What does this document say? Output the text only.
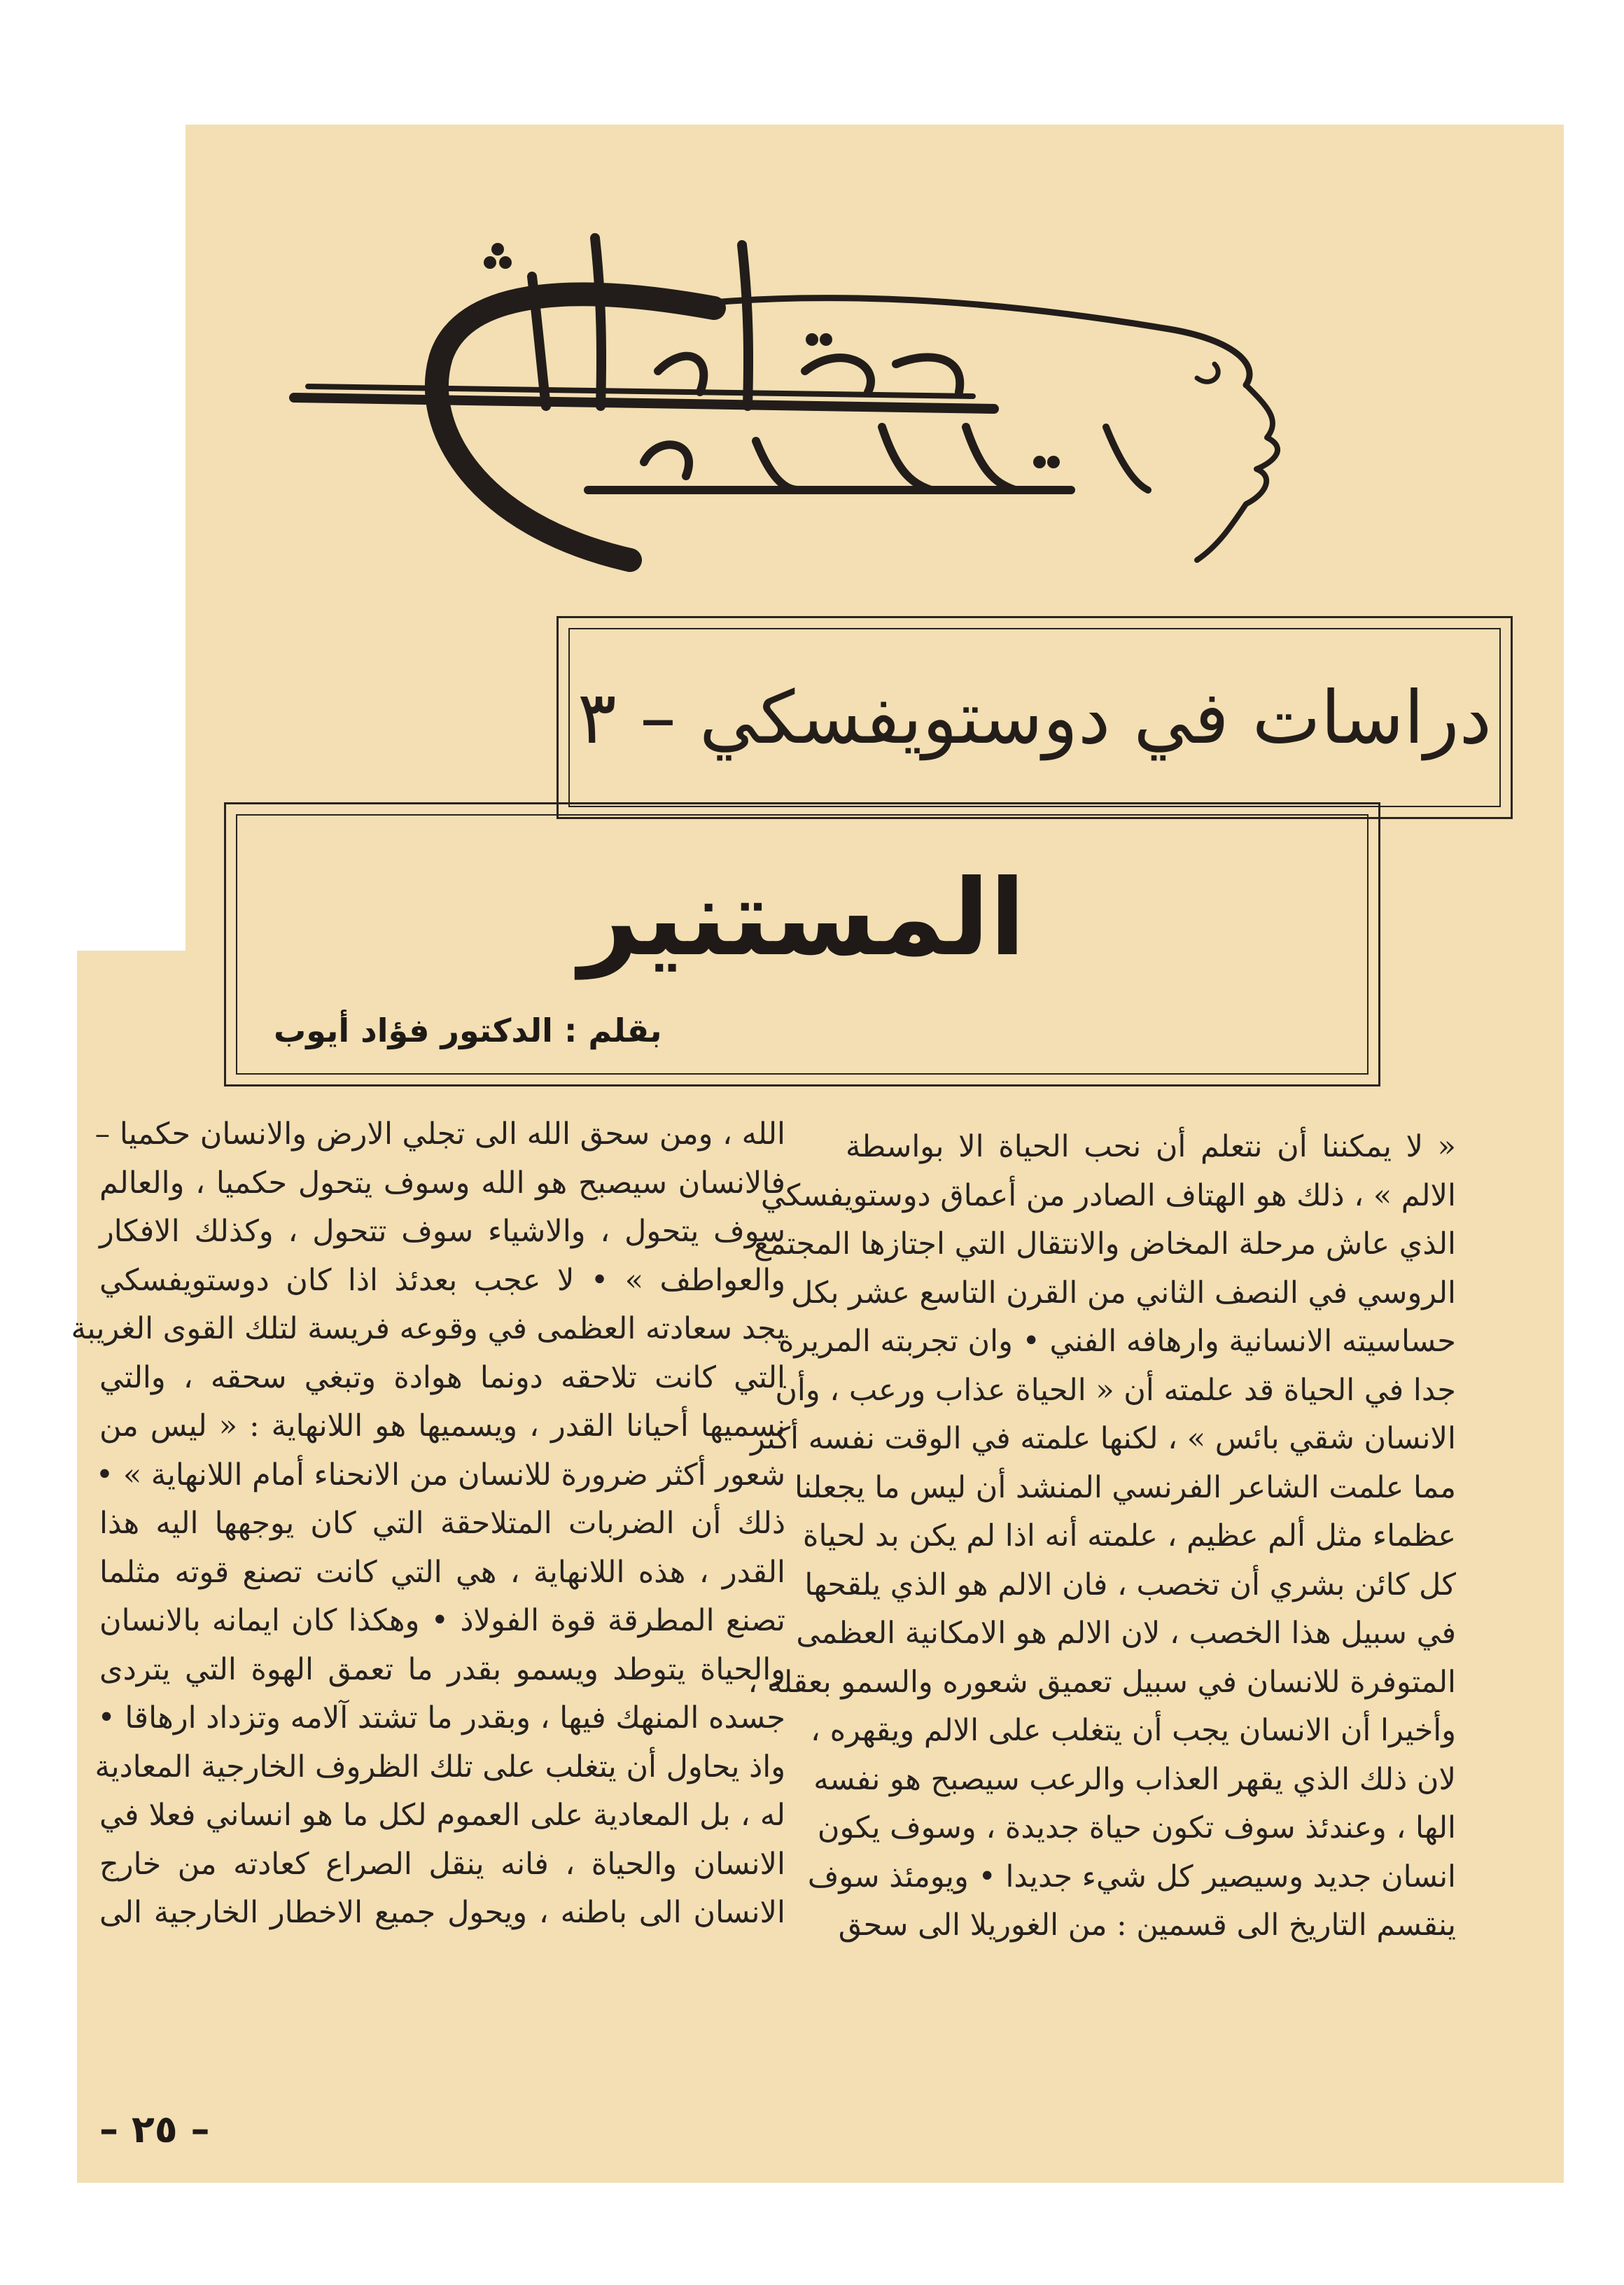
دراسات في دوستويفسكي – ٣
المستنير
بقلم : الدكتور فؤاد أيوب
« لا يمكننا أن نتعلم أن نحب الحياة الا بواسطة
الالم » ، ذلك هو الهتاف الصادر من أعماق دوستويفسكي
الذي عاش مرحلة المخاض والانتقال التي اجتازها المجتمع
الروسي في النصف الثاني من القرن التاسع عشر بكل
حساسيته الانسانية وارهافه الفني • وان تجربته المريرة
جدا في الحياة قد علمته أن « الحياة عذاب ورعب ، وأن
الانسان شقي بائس » ، لكنها علمته في الوقت نفسه أكثر
مما علمت الشاعر الفرنسي المنشد أن ليس ما يجعلنا
عظماء مثل ألم عظيم ، علمته أنه اذا لم يكن بد لحياة
كل كائن بشري أن تخصب ، فان الالم هو الذي يلقحها
في سبيل هذا الخصب ، لان الالم هو الامكانية العظمى
المتوفرة للانسان في سبيل تعميق شعوره والسمو بعقله ،
وأخيرا أن الانسان يجب أن يتغلب على الالم ويقهره ،
لان ذلك الذي يقهر العذاب والرعب سيصبح هو نفسه
الها ، وعندئذ سوف تكون حياة جديدة ، وسوف يكون
انسان جديد وسيصير كل شيء جديدا • ويومئذ سوف
ينقسم التاريخ الى قسمين : من الغوريلا الى سحق
الله ، ومن سحق الله الى تجلي الارض والانسان حكميا –
فالانسان سيصبح هو الله وسوف يتحول حكميا ، والعالم
سوف يتحول ، والاشياء سوف تتحول ، وكذلك الافكار
والعواطف » • لا عجب بعدئذ اذا كان دوستويفسكي
يجد سعادته العظمى في وقوعه فريسة لتلك القوى الغريبة
التي كانت تلاحقه دونما هوادة وتبغي سحقه ، والتي
نسميها أحيانا القدر ، ويسميها هو اللانهاية : « ليس من
شعور أكثر ضرورة للانسان من الانحناء أمام اللانهاية » •
ذلك أن الضربات المتلاحقة التي كان يوجهها اليه هذا
القدر ، هذه اللانهاية ، هي التي كانت تصنع قوته مثلما
تصنع المطرقة قوة الفولاذ • وهكذا كان ايمانه بالانسان
والحياة يتوطد ويسمو بقدر ما تعمق الهوة التي يتردى
جسده المنهك فيها ، وبقدر ما تشتد آلامه وتزداد ارهاقا •
واذ يحاول أن يتغلب على تلك الظروف الخارجية المعادية
له ، بل المعادية على العموم لكل ما هو انساني فعلا في
الانسان والحياة ، فانه ينقل الصراع كعادته من خارج
الانسان الى باطنه ، ويحول جميع الاخطار الخارجية الى
– ٢٥ –
